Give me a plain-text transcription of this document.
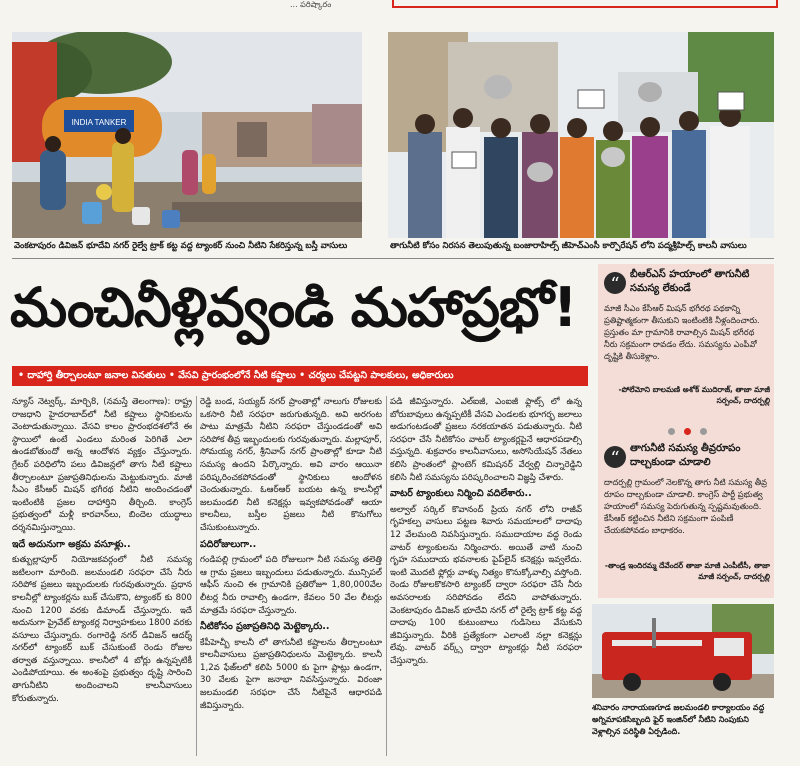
... పరిష్కారం
INDIA TANKER
వెంకటాపురం డివిజన్ భూదేవి నగర్ రైల్వే ట్రాక్ కట్ట వద్ద ట్యాంకర్ నుంచి నీటిని సేకరిస్తున్న బస్తీ వాసులు	తాగునీటి కోసం నిరసన తెలుపుతున్న బంజారాహిల్స్ జీహెచ్ఎంసీ కార్పొరేషన్ లోని పద్మశ్రీహిల్స్ కాలనీ వాసులు
మంచినీళ్లివ్వండి మహాప్రభో!
• దాహార్తి తీర్చాలంటూ జనాల వినతులు • వేసవి ప్రారంభంలోనే నీటి కష్టాలు • చర్యలు చేపట్టని పాలకులు, అధికారులు

న్యూస్ నెట్వర్క్, మార్చి8, (నమస్తే తెలంగాణ): రాష్ట్ర రాజధాని హైదరాబాద్‌లో నీటి కష్టాలు స్థానికులను వెంటాడుతున్నాయి. వేసవి కాలం ప్రారంభదశలోనే ఈ స్థాయిలో ఉంటే ఎండలు మరింత పెరిగితే ఎలా ఉండబోతుందో అన్న ఆందోళన వ్యక్తం చేస్తున్నారు. గ్రేటర్ పరిధిలోని పలు డివిజన్లలో తాగు నీటి కష్టాలు తీర్చాలంటూ ప్రజాప్రతినిధులను మెట్టుకున్నారు. మాజీ సీఎం కేసీఆర్ మిషన్ భగీరథ నీటిని అందించడంతో ఇంటింటికి ప్రజల దాహార్తిని తీర్చింది. కాంగ్రెస్ ప్రభుత్వంలో మళ్లీ కారవాన్‌లు, బిందెల యుద్ధాలు దర్శనమిస్తున్నాయి.

ఇదే అదునుగా అక్రమ వసూళ్లు..

కుత్బుల్లాపూర్ నియోజకవర్గంలో నీటి సమస్య జటిలంగా మారింది. జలమండలి సరఫరా చేసే నీరు సరిపోక ప్రజలు ఇబ్బందులకు గురవుతున్నారు. ప్రధాన కాలనీల్లో ట్యాంకర్లను బుక్ చేసుకొని, ట్యాంకర్ కు 800 నుంచి 1200 వరకు డిమాండ్ చేస్తున్నారు. ఇదే అదునుగా ప్రైవేట్ ట్యాంకర్ల నిర్వాహకులు 1800 వరకు వసూలు చేస్తున్నారు. రంగారెడ్డి నగర్ డివిజన్ ఆదర్శ్ నగర్‌లో ట్యాంకర్ బుక్ చేసుకుంటే రెండు రోజుల తర్వాత వస్తున్నాయి. కాలనీలో 4 బోర్లు ఉన్నప్పటికీ ఎండిపోయాయి. ఈ అంశంపై ప్రభుత్వం దృష్టి సారించి తాగునీటిని అందించాలని కాలనీవాసులు కోరుతున్నారు.

రెడ్డి బండ, సయ్యద్ నగర్ ప్రాంతాల్లో నాలుగు రోజులకు ఒకసారి నీటి సరఫరా జరుగుతున్నది. అవి అరగంట పాటు మాత్రమే నీటిని సరఫరా చేస్తుండడంతో అవి సరిపోక తీవ్ర ఇబ్బందులకు గురవుతున్నారు. మల్లాపూర్, సోమయ్య నగర్, శ్రీనివాస్ నగర్ ప్రాంతాల్లో కూడా నీటి సమస్య ఉందని పేర్కొన్నారు. అవి వారం ఆయినా పరిష్కరించకపోవడంతో స్థానికులు ఆందోళన చెందుతున్నారు. ఓఆర్ఆర్ బయట ఉన్న కాలనీల్లో జలమండలి నీటి కనెక్షన్లు ఇవ్వకపోవడంతో ఆయా కాలనీలు, బస్తీల ప్రజలు నీటి కొనుగోలు చేసుకుంటున్నారు.

పదిరోజులుగా..

గండిపల్లి గ్రామంలో పది రోజులుగా నీటి సమస్య తలెత్తి ఆ గ్రామ ప్రజలు ఇబ్బందులు పడుతున్నారు. మున్సిపల్ ఆఫీస్ నుంచి ఈ గ్రామానికి ప్రతిరోజూ 1,80,000వేల లీటర్ల నీరు రావాల్సి ఉండగా, కేవలం 50 వేల లీటర్లు మాత్రమే సరఫరా చేస్తున్నారు.

నీటికోసం ప్రజాప్రతినిధి మెట్టెక్కారు..

కేపీహెచ్బీ కాలనీ లో తాగునీటి కష్టాలను తీర్చాలంటూ కాలనీవాసులు ప్రజాప్రతినిధులను మెట్టెక్కారు. కాలనీ 1,2వ ఫేజ్‌లలో కలిపి 5000 కు పైగా ప్లాట్లు ఉండగా, 30 వేలకు పైగా జనాభా నివసిస్తున్నారు. విరంజా జలమండలి సరఫరా చేసే నీటిపైనే ఆధారపడి జీవిస్తున్నారు.

పడి జీవిస్తున్నారు. ఎల్ఐజీ, ఎంఐజీ ఫ్లాట్స్ లో ఉన్న బోరుబావులు ఉన్నప్పటికీ వేసవి ఎండలకు భూగర్భ జలాలు అడుగంటడంతో ప్రజలు నరకయాతన పడుతున్నారు. నీటి సరఫరా చేసే నీటికోసం వాటర్ ట్యాంకర్లపైనే ఆధారపడాల్సి వస్తున్నది. శుక్రవారం కాలనీవాసులు, అసోసియేషన్ నేతలు కలిసి ప్రాంతంలో ప్లాంటెగ్ కమిషనర్ వేర్వల్లి చిన్నారెడ్డిని కలిసి నీటి సమస్యను పరిష్కరించాలని విజ్ఞప్తి చేశారు.

వాటర్ ట్యాంకులు నిర్మించి వదిలేశారు..

అల్వాల్ సర్కిల్ కొవానంద్ ప్రియ నగర్ లోని రాజీవ్ గృహకల్ప వాసులు పట్టణ శివారు సమయాలలో దాదాపు 12 వేలమంది నివసిస్తున్నారు. సముదాయాల వద్ద రెండు వాటర్ ట్యాంకులను నిర్మించారు. అయితే వాటి నుంచి గృహ సముదాయ భవనాలకు పైప్‌లైన్ కనెక్షన్లు ఇవ్వలేదు. ఇంటి మొదటి ఫ్లోర్లు వాళ్ళు నిత్యం కొనుక్కోవాల్సి వస్తోంది. రెండు రోజులకొకసారి ట్యాంకర్ ద్వారా సరఫరా చేసే నీరు అవసరాలకు సరిపోవడం లేదని వాపోతున్నారు. వెంకటాపురం డివిజన్ భూదేవి నగర్ లో రైల్వే ట్రాక్ కట్ట వద్ద దాదాపు 100 కుటుంబాలు గుడిసెలు వేసుకుని జీవిస్తున్నారు. వీరికి ప్రత్యేకంగా ఎలాంటి నల్లా కనెక్షన్లు లేవు. వాటర్ వర్క్స్ ద్వారా ట్యాంకర్లు నీటి సరఫరా చేస్తున్నారు.

“	బీఆర్ఎస్ హయాంలో తాగునీటి సమస్య లేకుండే
మాజీ సీఎం కేసీఆర్ మిషన్ భగీరథ పథకాన్ని ప్రతిష్టాత్మకంగా తీసుకుని ఇంటింటికి నీళ్లందించారు. ప్రస్తుతం మా గ్రామానికి రావాల్సిన మిషన్ భగీరథ నీరు సక్రమంగా రావడం లేదు. సమస్యను ఎంపీవో దృష్టికి తీసుకెళ్లాం.
-పోలేమోని బాలమణి అశోక్ ముదిరాజ్, తాజా మాజీ సర్పంచ్, దాదర్పల్లి

“	తాగునీటి సమస్య తీవ్రరూపం దాల్చకుండా చూడాలి
దాదర్పల్లి గ్రామంలో నెలకొన్న తాగు నీటి సమస్య తీవ్ర రూపం దాల్చకుండా చూడాలి. కాంగ్రెస్ పార్టీ ప్రభుత్వ హయాంలో సమస్య పెరుగుతున్న స్పష్టమవుతుంది. కేసీఆర్ కట్టించిన నీటిని సక్రమంగా పంపిణీ చేయకపోవడం బాధాకరం.
-తాండ్ర ఇందిరమ్మ దేవేందర్ తాజా మాజీ ఎంపీటీసీ, తాజా మాజీ సర్పంచ్, దాదర్పల్లి
శనివారం నారాయణగూడ జలమండలి కార్యాలయం వద్ద అగ్నిమాపకసిబ్బంది ఫైర్ ఇంజిన్‌లో నీటిని నింపుకుని వెళ్లాల్సిన పరిస్థితి ఏర్పడింది.
